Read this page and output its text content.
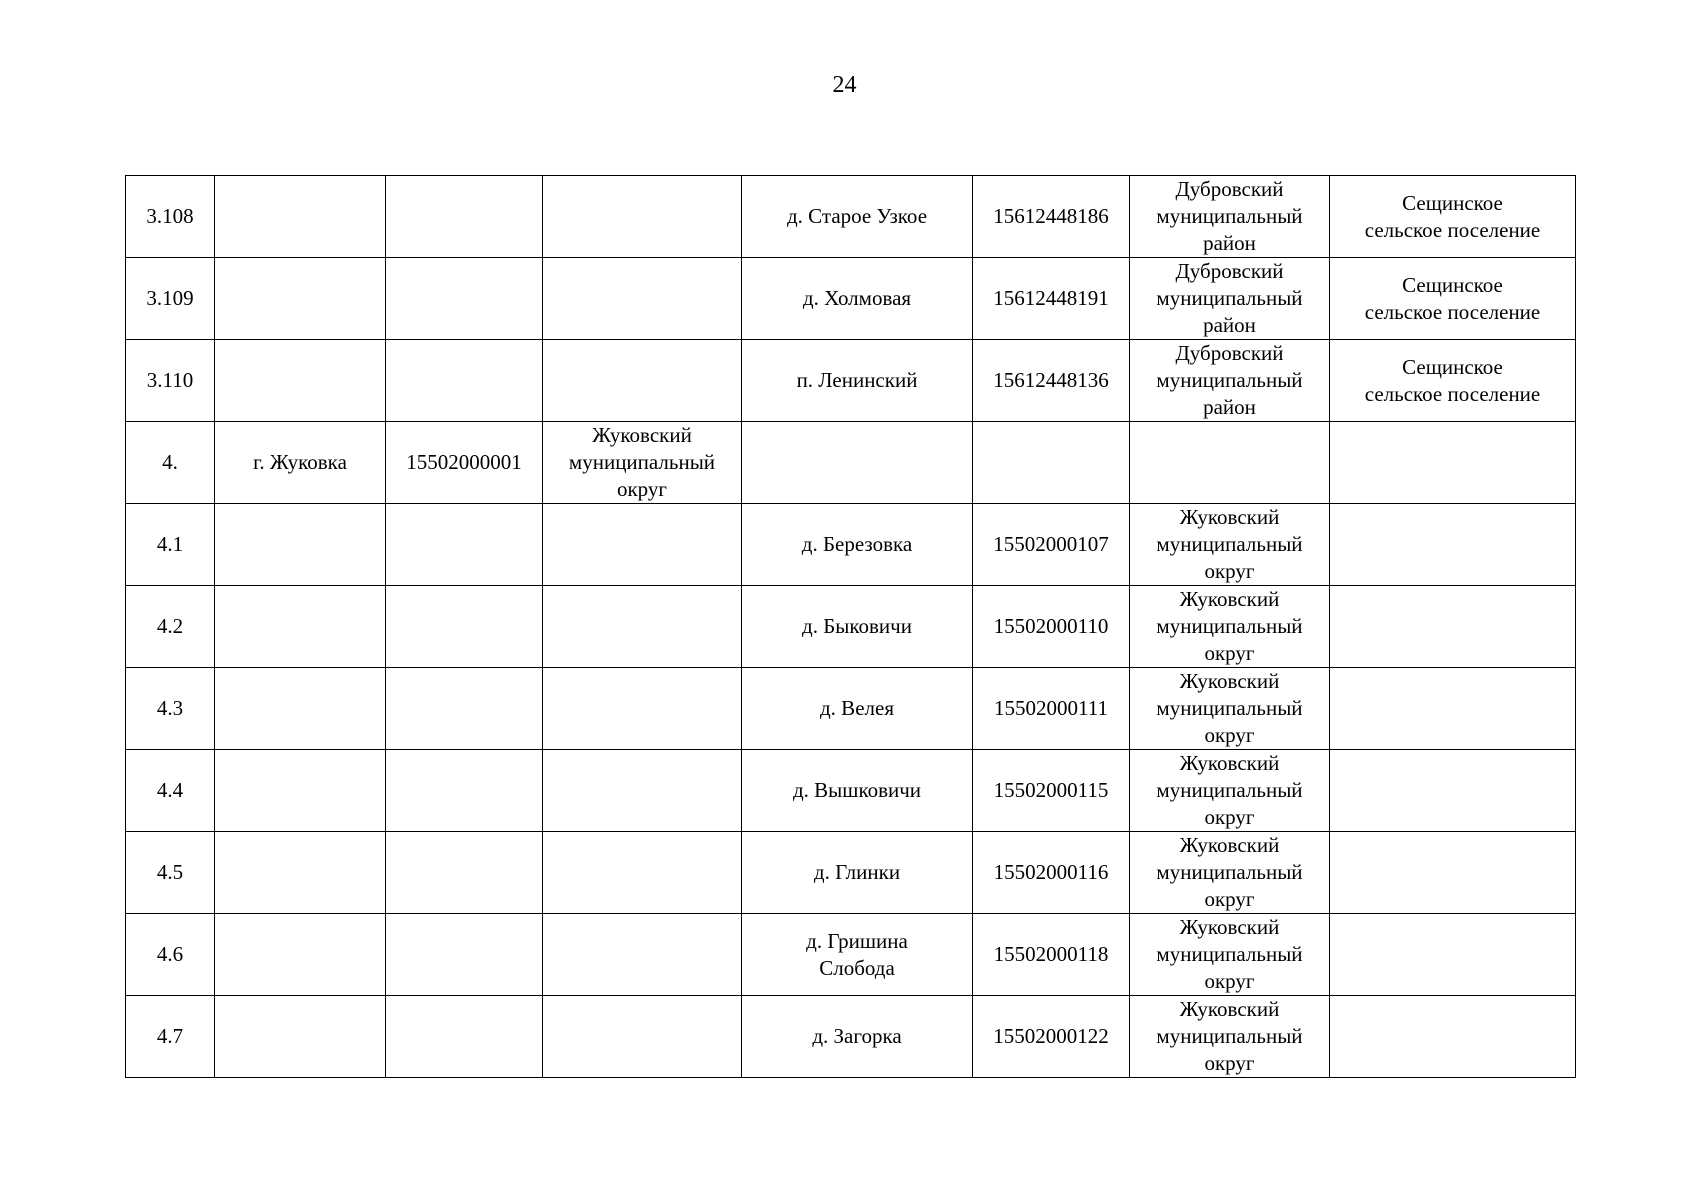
24
3.108				д. Старое Узкое	15612448186	Дубровский
муниципальный
район	Сещинское
сельское поселение

3.109				д. Холмовая	15612448191	Дубровский
муниципальный
район	Сещинское
сельское поселение

3.110				п. Ленинский	15612448136	Дубровский
муниципальный
район	Сещинское
сельское поселение

4.	г. Жуковка	15502000001	Жуковский
муниципальный
округ				

4.1				д. Березовка	15502000107	Жуковский
муниципальный
округ	

4.2				д. Быковичи	15502000110	Жуковский
муниципальный
округ	

4.3				д. Велея	15502000111	Жуковский
муниципальный
округ	

4.4				д. Вышковичи	15502000115	Жуковский
муниципальный
округ	

4.5				д. Глинки	15502000116	Жуковский
муниципальный
округ	

4.6				д. Гришина
Слобода	15502000118	Жуковский
муниципальный
округ	

4.7				д. Загорка	15502000122	Жуковский
муниципальный
округ	
